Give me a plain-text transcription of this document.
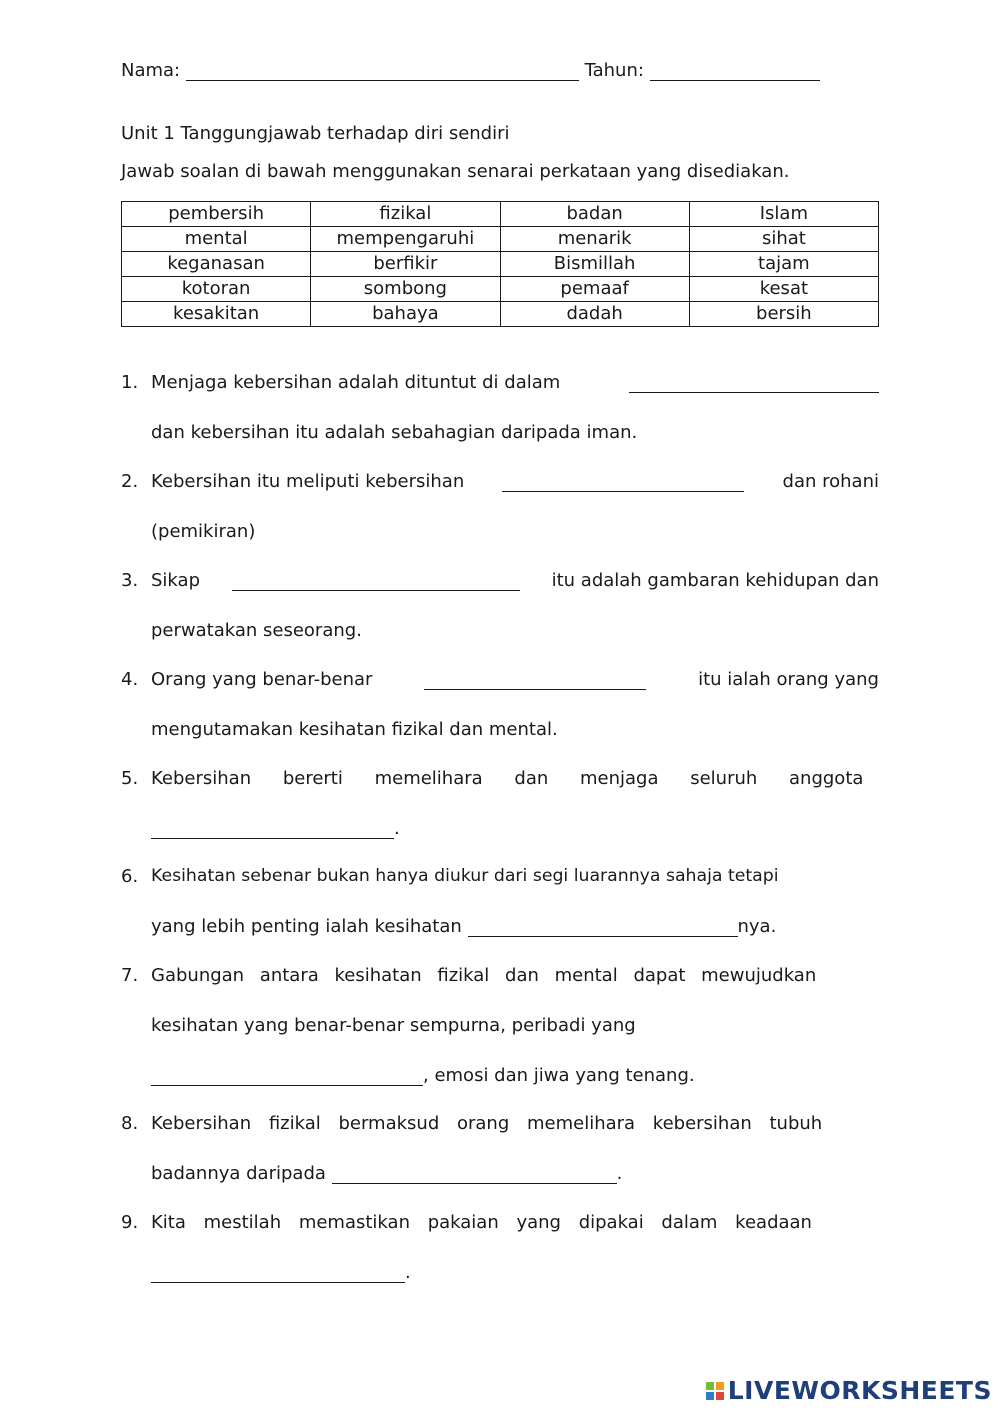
Nama:	Tahun:
Unit 1 Tanggungjawab terhadap diri sendiri
Jawab soalan di bawah menggunakan senarai perkataan yang disediakan.
pembersih	fizikal	badan	Islam
mental	mempengaruhi	menarik	sihat
keganasan	berfikir	Bismillah	tajam
kotoran	sombong	pemaaf	kesat
kesakitan	bahaya	dadah	bersih
1. Menjaga kebersihan adalah dituntut di dalam
dan kebersihan itu adalah sebahagian daripada iman.
2. Kebersihan itu meliputi kebersihan	dan rohani
(pemikiran)
3. Sikap	itu adalah gambaran kehidupan dan
perwatakan seseorang.
4. Orang yang benar-benar	itu ialah orang yang
mengutamakan kesihatan fizikal dan mental.
5. Kebersihan bererti memelihara dan menjaga seluruh anggota
.
6. Kesihatan sebenar bukan hanya diukur dari segi luarannya sahaja tetapi
yang lebih penting ialah kesihatan	nya.
7. Gabungan antara kesihatan fizikal dan mental dapat mewujudkan
kesihatan yang benar-benar sempurna, peribadi yang
, emosi dan jiwa yang tenang.
8. Kebersihan fizikal bermaksud orang memelihara kebersihan tubuh
badannya daripada	.
9. Kita mestilah memastikan pakaian yang dipakai dalam keadaan
.
LIVEWORKSHEETS
